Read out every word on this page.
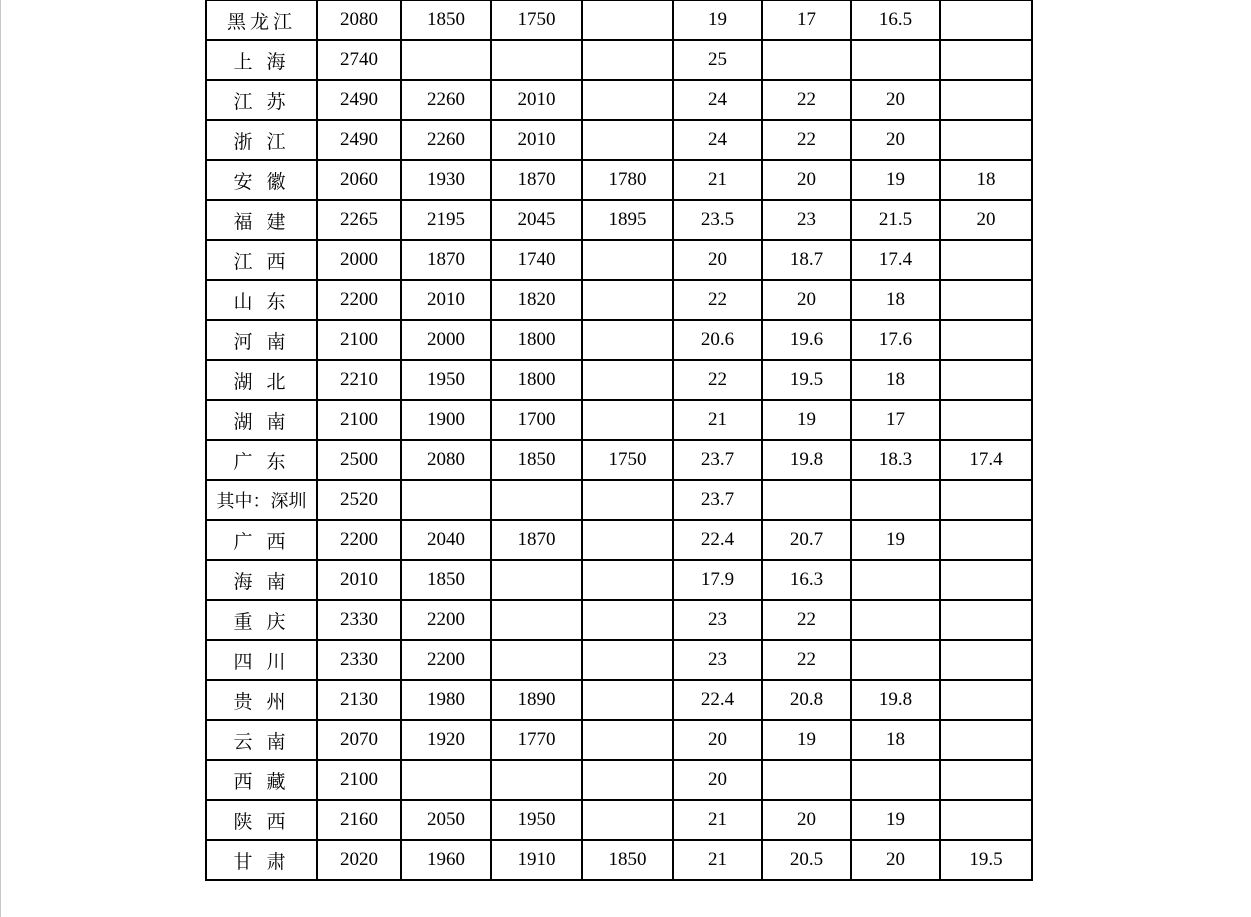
黑龙江	2080	1850	1750		19	17	16.5	
上 海	2740				25			
江 苏	2490	2260	2010		24	22	20	
浙 江	2490	2260	2010		24	22	20	
安 徽	2060	1930	1870	1780	21	20	19	18
福 建	2265	2195	2045	1895	23.5	23	21.5	20
江 西	2000	1870	1740		20	18.7	17.4	
山 东	2200	2010	1820		22	20	18	
河 南	2100	2000	1800		20.6	19.6	17.6	
湖 北	2210	1950	1800		22	19.5	18	
湖 南	2100	1900	1700		21	19	17	
广 东	2500	2080	1850	1750	23.7	19.8	18.3	17.4
其中：深圳	2520				23.7			
广 西	2200	2040	1870		22.4	20.7	19	
海 南	2010	1850			17.9	16.3		
重 庆	2330	2200			23	22		
四 川	2330	2200			23	22		
贵 州	2130	1980	1890		22.4	20.8	19.8	
云 南	2070	1920	1770		20	19	18	
西 藏	2100				20			
陕 西	2160	2050	1950		21	20	19	
甘 肃	2020	1960	1910	1850	21	20.5	20	19.5
